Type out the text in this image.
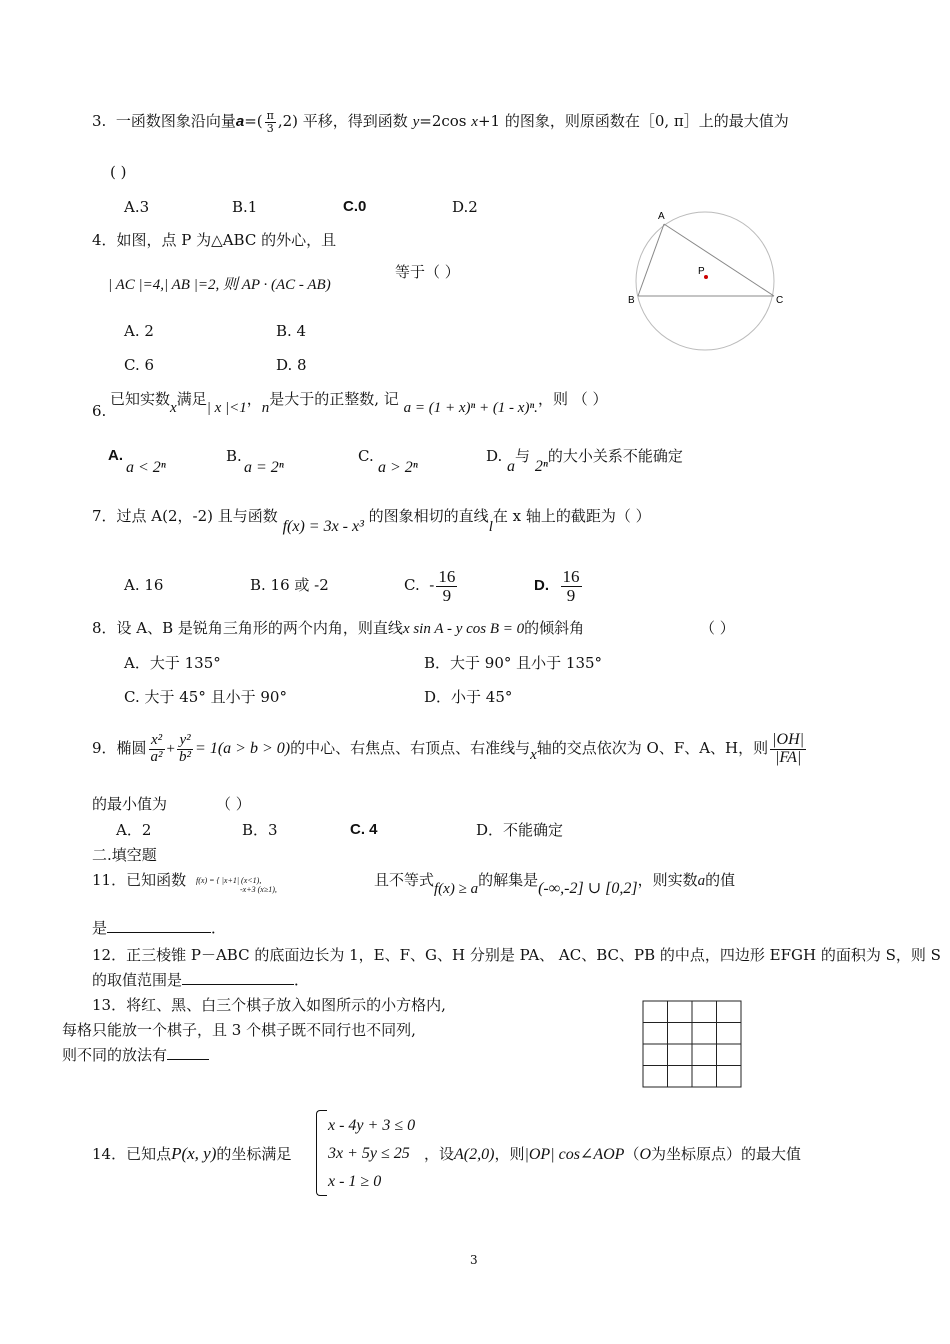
3. 一函数图象沿向量$a=( \frac{\pi}{3} ,2)$ 平移，得到函数 y=2cos x+1 的图象，则原函数在［0, π］上的最大值为
( )
A.3	B.1	C.0	D.2
4．如图，点 P 为△ABC 的外心，且
| AC |=4,| AB |=2, 则 AP · (AC - AB)
等于（ ）
A. 2	B. 4
C. 6	D. 8
A
B	C
P
6.
已知实数x满足| x |<1，n是大于的正整数, 记 a = (1 + x)ⁿ + (1 - x)ⁿ.，则 （ ）
A.
a < 2ⁿ
B.
a = 2ⁿ
C.
a > 2ⁿ
D. a与 2ⁿ的大小关系不能确定
7．过点 A(2，-2) 且与函数 f(x) = 3x - x³ 的图象相切的直线l在 x 轴上的截距为（ ）
A. 16	B. 16 或 -2	C. - $\frac{16}{9}$	D. $\frac{16}{9}$
8．设 A、B 是锐角三角形的两个内角，则直线x sin A - y cos B = 0的倾斜角	（ ）
A．大于 135°	B．大于 90° 且小于 135°
C. 大于 45° 且小于 90°	D．小于 45°
9．椭圆 $\frac{\text{x²}}{\text{a²}} + \frac{\text{y²}}{\text{b²}} = 1(a > b > 0)$的中心、右焦点、右顶点、右准线与x轴的交点依次为 O、F、A、H，则 $\frac{|OH|}{|FA|}$
的最小值为	（ ）
A．2	B．3	C. 4	D．不能确定
二.填空题
11．已知函数 f(x) = { |x+1| (x<1),
-x+3 (x≥1),
且不等式f(x) ≥ a的解集是(-∞,-2] ∪ [0,2]，则实数a的值
是	．
12．正三棱锥 P－ABC 的底面边长为 1，E、F、G、H 分别是 PA、 AC、BC、PB 的中点，四边形 EFGH 的面积为 S，则 S
的取值范围是	．
13．将红、黑、白三个棋子放入如图所示的小方格内,
每格只能放一个棋子，且 3 个棋子既不同行也不同列,
则不同的放法有
14．已知点P(x, y)的坐标满足
x - 4y + 3 ≤ 0
3x + 5y ≤ 25
x - 1 ≥ 0
，设A(2,0)，则|OP| cos∠AOP（O为坐标原点）的最大值
3
